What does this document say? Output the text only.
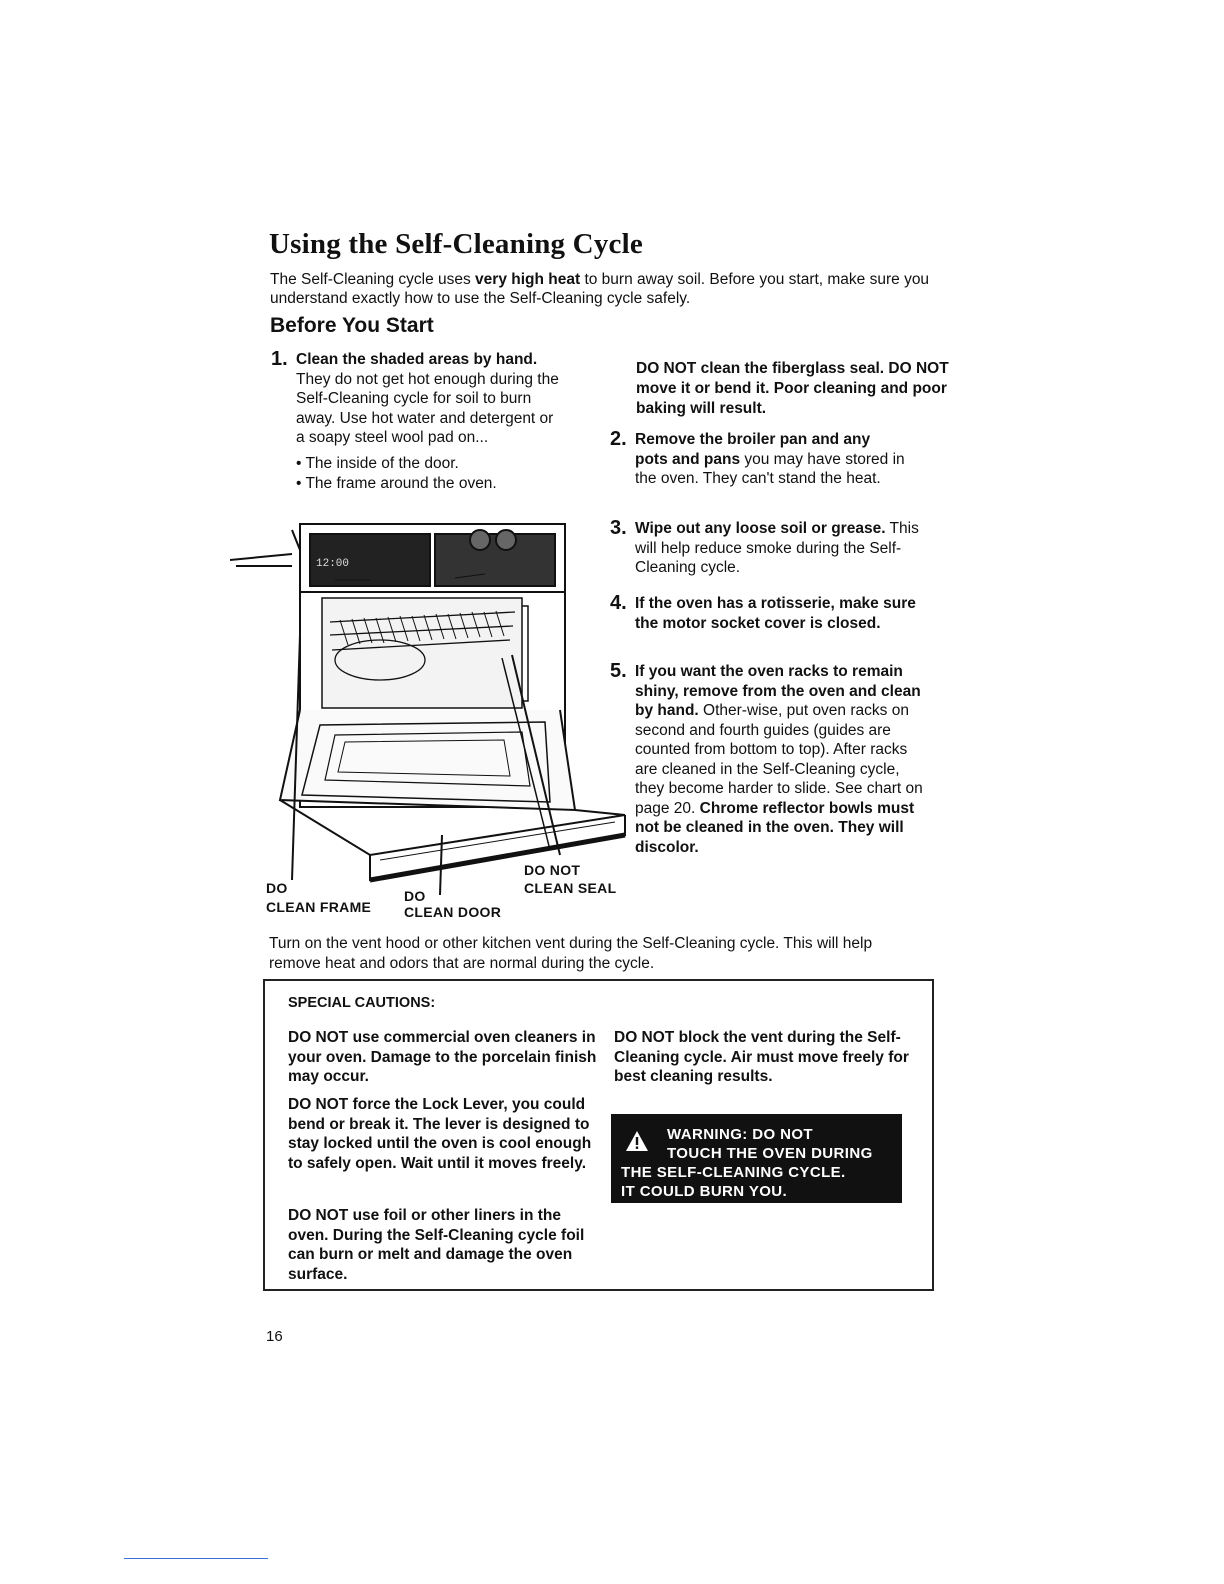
Using the Self-Cleaning Cycle
The Self-Cleaning cycle uses very high heat to burn away soil. Before you start, make sure you understand exactly how to use the Self-Cleaning cycle safely.
Before You Start
1. Clean the shaded areas by hand.
They do not get hot enough during the Self-Cleaning cycle for soil to burn away. Use hot water and detergent or a soapy steel wool pad on...
• The inside of the door.
• The frame around the oven.
DO NOT clean the fiberglass seal. DO NOT move it or bend it. Poor cleaning and poor baking will result.
2. Remove the broiler pan and any pots and pans you may have stored in the oven. They can't stand the heat.
3. Wipe out any loose soil or grease. This will help reduce smoke during the Self-Cleaning cycle.
4. If the oven has a rotisserie, make sure the motor socket cover is closed.
5. If you want the oven racks to remain shiny, remove from the oven and clean by hand. Other-wise, put oven racks on second and fourth guides (guides are counted from bottom to top). After racks are cleaned in the Self-Cleaning cycle, they become harder to slide. See chart on page 20. Chrome reflector bowls must not be cleaned in the oven. They will discolor.
12:00
DO
CLEAN FRAME
DO
CLEAN DOOR
DO NOT
CLEAN SEAL
Turn on the vent hood or other kitchen vent during the Self-Cleaning cycle. This will help remove heat and odors that are normal during the cycle.
SPECIAL CAUTIONS:
DO NOT use commercial oven cleaners in your oven. Damage to the porcelain finish may occur.
DO NOT force the Lock Lever, you could bend or break it. The lever is designed to stay locked until the oven is cool enough to safely open. Wait until it moves freely.
DO NOT use foil or other liners in the oven. During the Self-Cleaning cycle foil can burn or melt and damage the oven surface.
DO NOT block the vent during the Self-Cleaning cycle. Air must move freely for best cleaning results.
WARNING: DO NOT
TOUCH THE OVEN DURING
THE SELF-CLEANING CYCLE.
IT COULD BURN YOU.
16
